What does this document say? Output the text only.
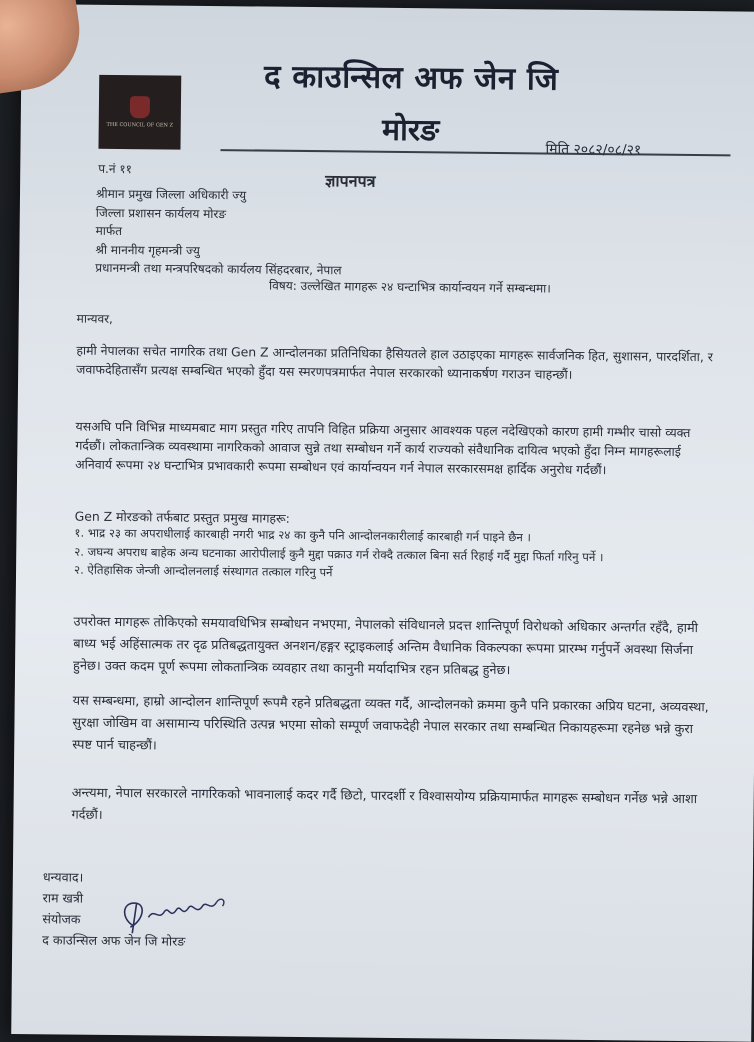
THE COUNCIL OF GEN Z
द काउन्सिल अफ जेन जि
मोरङ
मिति २०८२/०८/२१
प.नं ११
ज्ञापनपत्र
श्रीमान प्रमुख जिल्ला अधिकारी ज्यु
जिल्ला प्रशासन कार्यलय मोरङ
मार्फत
श्री माननीय गृहमन्त्री ज्यु
प्रधानमन्त्री तथा मन्त्रपरिषदको कार्यलय सिंहदरबार, नेपाल
विषय: उल्लेखित मागहरू २४ घन्टाभित्र कार्यान्वयन गर्ने सम्बन्धमा।
मान्यवर,
हामी नेपालका सचेत नागरिक तथा Gen Z आन्दोलनका प्रतिनिधिका हैसियतले हाल उठाइएका मागहरू सार्वजनिक हित, सुशासन, पारदर्शिता, र जवाफदेहितासँग प्रत्यक्ष सम्बन्धित भएको हुँदा यस स्मरणपत्रमार्फत नेपाल सरकारको ध्यानाकर्षण गराउन चाहन्छौं।
यसअघि पनि विभिन्न माध्यमबाट माग प्रस्तुत गरिए तापनि विहित प्रक्रिया अनुसार आवश्यक पहल नदेखिएको कारण हामी गम्भीर चासो व्यक्त गर्दछौं। लोकतान्त्रिक व्यवस्थामा नागरिकको आवाज सुन्ने तथा सम्बोधन गर्ने कार्य राज्यको संवैधानिक दायित्व भएको हुँदा निम्न मागहरूलाई अनिवार्य रूपमा २४ घन्टाभित्र प्रभावकारी रूपमा सम्बोधन एवं कार्यान्वयन गर्न नेपाल सरकारसमक्ष हार्दिक अनुरोध गर्दछौं।
Gen Z मोरङको तर्फबाट प्रस्तुत प्रमुख मागहरू:
१. भाद्र २३ का अपराधीलाई कारबाही नगरी भाद्र २४ का कुनै पनि आन्दोलनकारीलाई कारबाही गर्न पाइने छैन ।
२. जघन्य अपराध बाहेक अन्य घटनाका आरोपीलाई कुनै मुद्दा पक्राउ गर्न रोक्दै तत्काल बिना सर्त रिहाई गर्दै मुद्दा फिर्ता गरिनु पर्ने ।
२. ऐतिहासिक जेन्जी आन्दोलनलाई संस्थागत तत्काल गरिनु पर्ने
उपरोक्त मागहरू तोकिएको समयावधिभित्र सम्बोधन नभएमा, नेपालको संविधानले प्रदत्त शान्तिपूर्ण विरोधको अधिकार अन्तर्गत रहँदै, हामी बाध्य भई अहिंसात्मक तर दृढ प्रतिबद्धतायुक्त अनशन/हङ्गर स्ट्राइकलाई अन्तिम वैधानिक विकल्पका रूपमा प्रारम्भ गर्नुपर्ने अवस्था सिर्जना हुनेछ। उक्त कदम पूर्ण रूपमा लोकतान्त्रिक व्यवहार तथा कानुनी मर्यादाभित्र रहन प्रतिबद्ध हुनेछ।
यस सम्बन्धमा, हाम्रो आन्दोलन शान्तिपूर्ण रूपमै रहने प्रतिबद्धता व्यक्त गर्दै, आन्दोलनको क्रममा कुनै पनि प्रकारका अप्रिय घटना, अव्यवस्था, सुरक्षा जोखिम वा असामान्य परिस्थिति उत्पन्न भएमा सोको सम्पूर्ण जवाफदेही नेपाल सरकार तथा सम्बन्धित निकायहरूमा रहनेछ भन्ने कुरा स्पष्ट पार्न चाहन्छौं।
अन्त्यमा, नेपाल सरकारले नागरिकको भावनालाई कदर गर्दै छिटो, पारदर्शी र विश्वासयोग्य प्रक्रियामार्फत मागहरू सम्बोधन गर्नेछ भन्ने आशा गर्दछौं।
धन्यवाद।
राम खत्री
संयोजक
द काउन्सिल अफ जेन जि मोरङ
